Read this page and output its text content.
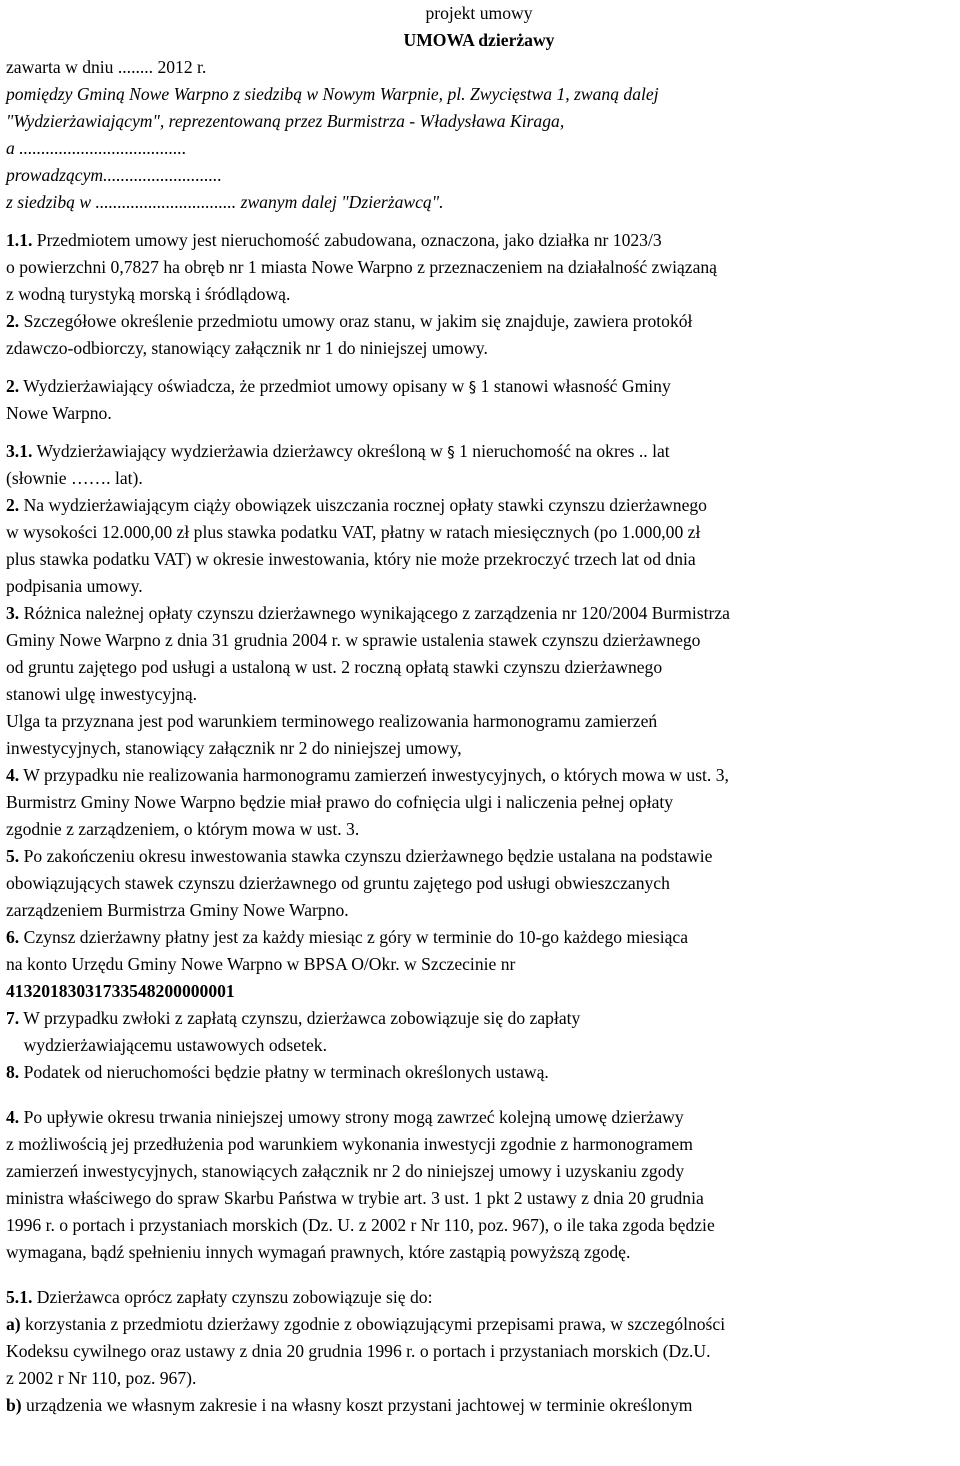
projekt umowy
UMOWA dzierżawy
zawarta w dniu ........ 2012 r.
pomiędzy Gminą Nowe Warpno z siedzibą w Nowym Warpnie, pl. Zwycięstwa 1, zwaną dalej
"Wydzierżawiającym", reprezentowaną przez Burmistrza - Władysława Kiraga,
a ......................................
prowadzącym...........................
z siedzibą w ................................ zwanym dalej "Dzierżawcą".
1.1. Przedmiotem umowy jest nieruchomość zabudowana, oznaczona, jako działka nr 1023/3
o powierzchni 0,7827 ha obręb nr 1 miasta Nowe Warpno z przeznaczeniem na działalność związaną
z wodną turystyką morską i śródlądową.
2. Szczegółowe określenie przedmiotu umowy oraz stanu, w jakim się znajduje, zawiera protokół
zdawczo-odbiorczy, stanowiący załącznik nr 1 do niniejszej umowy.
2. Wydzierżawiający oświadcza, że przedmiot umowy opisany w § 1 stanowi własność Gminy
Nowe Warpno.
3.1. Wydzierżawiający wydzierżawia dzierżawcy określoną w § 1 nieruchomość na okres .. lat
(słownie ……. lat).
2. Na wydzierżawiającym ciąży obowiązek uiszczania rocznej opłaty stawki czynszu dzierżawnego
w wysokości 12.000,00 zł plus stawka podatku VAT, płatny w ratach miesięcznych (po 1.000,00 zł
plus stawka podatku VAT) w okresie inwestowania, który nie może przekroczyć trzech lat od dnia
podpisania umowy.
3. Różnica należnej opłaty czynszu dzierżawnego wynikającego z zarządzenia nr 120/2004 Burmistrza
Gminy Nowe Warpno z dnia 31 grudnia 2004 r. w sprawie ustalenia stawek czynszu dzierżawnego
od gruntu zajętego pod usługi a ustaloną w ust. 2 roczną opłatą stawki czynszu dzierżawnego
stanowi ulgę inwestycyjną.
Ulga ta przyznana jest pod warunkiem terminowego realizowania harmonogramu zamierzeń
inwestycyjnych, stanowiący załącznik nr 2 do niniejszej umowy,
4. W przypadku nie realizowania harmonogramu zamierzeń inwestycyjnych, o których mowa w ust. 3,
Burmistrz Gminy Nowe Warpno będzie miał prawo do cofnięcia ulgi i naliczenia pełnej opłaty
zgodnie z zarządzeniem, o którym mowa w ust. 3.
5. Po zakończeniu okresu inwestowania stawka czynszu dzierżawnego będzie ustalana na podstawie
obowiązujących stawek czynszu dzierżawnego od gruntu zajętego pod usługi obwieszczanych
zarządzeniem Burmistrza Gminy Nowe Warpno.
6. Czynsz dzierżawny płatny jest za każdy miesiąc z góry w terminie do 10-go każdego miesiąca
na konto Urzędu Gminy Nowe Warpno w BPSA O/Okr. w Szczecinie nr
41320183031733548200000001
7. W przypadku zwłoki z zapłatą czynszu, dzierżawca zobowiązuje się do zapłaty
wydzierżawiającemu ustawowych odsetek.
8. Podatek od nieruchomości będzie płatny w terminach określonych ustawą.
4. Po upływie okresu trwania niniejszej umowy strony mogą zawrzeć kolejną umowę dzierżawy
z możliwością jej przedłużenia pod warunkiem wykonania inwestycji zgodnie z harmonogramem
zamierzeń inwestycyjnych, stanowiących załącznik nr 2 do niniejszej umowy i uzyskaniu zgody
ministra właściwego do spraw Skarbu Państwa w trybie art. 3 ust. 1 pkt 2 ustawy z dnia 20 grudnia
1996 r. o portach i przystaniach morskich (Dz. U. z 2002 r Nr 110, poz. 967), o ile taka zgoda będzie
wymagana, bądź spełnieniu innych wymagań prawnych, które zastąpią powyższą zgodę.
5.1. Dzierżawca oprócz zapłaty czynszu zobowiązuje się do:
a) korzystania z przedmiotu dzierżawy zgodnie z obowiązującymi przepisami prawa, w szczególności
Kodeksu cywilnego oraz ustawy z dnia 20 grudnia 1996 r. o portach i przystaniach morskich (Dz.U.
z 2002 r Nr 110, poz. 967).
b) urządzenia we własnym zakresie i na własny koszt przystani jachtowej w terminie określonym
